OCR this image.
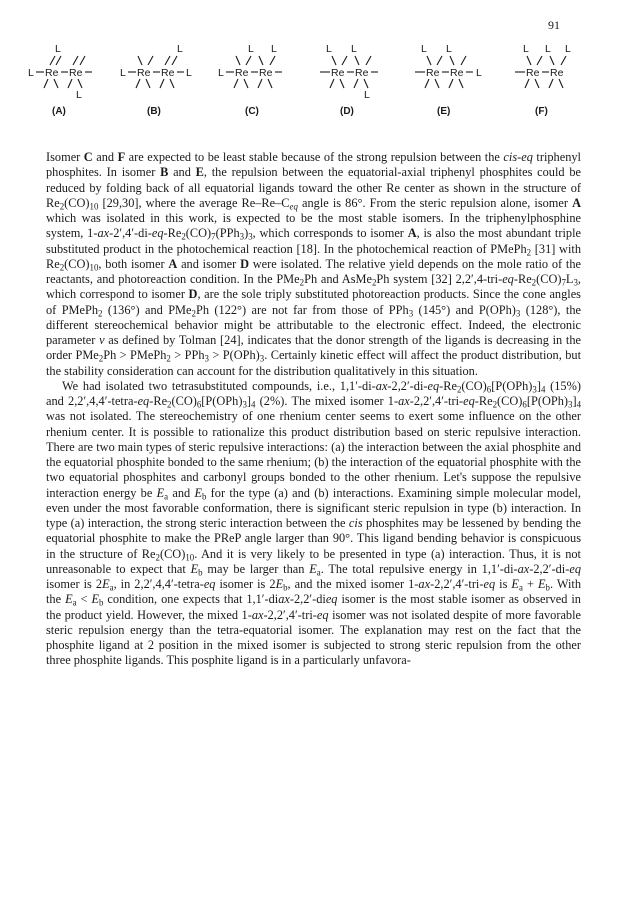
91
L Re Re
L
L
(A)
L Re Re L
L
(B)
L Re Re
L L
(C)
Re Re
L L
L
(D)
Re Re L
L L
(E)
Re Re
L L L
(F)

Isomer C and F are expected to be least stable because of the strong repulsion between the cis-eq triphenyl phosphites. In isomer B and E, the repulsion between the equatorial-axial triphenyl phosphites could be reduced by folding back of all equatorial ligands toward the other Re center as shown in the structure of $Re_2(CO)_{10}$ [29,30], where the average $Re-Re-C_{eq}$ angle is 86°. From the steric repulsion alone, isomer A which was isolated in this work, is expected to be the most stable isomers. In the triphenylphosphine system, $1-ax-2',4'-di-eq-Re_2(CO)_7(PPh_3)_3$, which corresponds to isomer A, is also the most abundant triple substituted product in the photochemical reaction [18]. In the photochemical reaction of PMePh$_2$ [31] with $Re_2(CO)_{10}$, both isomer A and isomer D were isolated. The relative yield depends on the mole ratio of the reactants, and photoreaction condition. In the PMe$_2$Ph and AsMe$_2$Ph system [32] $2,2',4-tri-eq-Re_2(CO)_7L_3$, which correspond to isomer D, are the sole triply substituted photoreaction products. Since the cone angles of PMePh$_2$ (136°) and PMe$_2$Ph (122°) are not far from those of PPh$_3$ (145°) and $P(OPh)_3$ (128°), the different stereochemical behavior might be attributable to the electronic effect. Indeed, the electronic parameter ν as defined by Tolman [24], indicates that the donor strength of the ligands is decreasing in the order PMe$_2$Ph > PMePh$_2$ > $PPh_3 > P(OPh)_3$. Certainly kinetic effect will affect the product distribution, but the stability consideration can account for the distribution qualitatively in this situation.

We had isolated two tetrasubstituted compounds, i.e., $1,1'-di-ax-2,2'-di-eq-Re_2(CO)_6[P(OPh)_3]_4$ (15%) and $2,2',4,4'-tetra-eq-Re_2(CO)_6[P(OPh)_3]_4$ (2%). The mixed isomer $1-ax-2,2',4'-tri-eq-Re_2(CO)_6[P(OPh)_3]_4$ was not isolated. The stereochemistry of one rhenium center seems to exert some influence on the other rhenium center. It is possible to rationalize this product distribution based on steric repulsive interaction. There are two main types of steric repulsive interactions: (a) the interaction between the axial phosphite and the equatorial phosphite bonded to the same rhenium; (b) the interaction of the equatorial phosphite with the two equatorial phosphites and carbonyl groups bonded to the other rhenium. Let's suppose the repulsive interaction energy be $E_a$ and $E_b$ for the type (a) and (b) interactions. Examining simple molecular model, even under the most favorable conformation, there is significant steric repulsion in type (b) interaction. In type (a) interaction, the strong steric interaction between the cis phosphites may be lessened by bending the equatorial phosphite to make the PReP angle larger than 90°. This ligand bending behavior is conspicuous in the structure of $Re_2(CO)_{10}$. And it is very likely to be presented in type (a) interaction. Thus, it is not unreasonable to expect that $E_b$ may be larger than $E_a$. The total repulsive energy in 1,1′-di-ax-2,2′-di-eq isomer is $2E_a$, in 2,2′,4,4′-tetra-eq isomer is $2E_b$, and the mixed isomer 1-ax-2,2′,4′-tri-eq is $E_a + E_b$. With the $E_a < E_b$ condition, one expects that 1,1′-diax-2,2′-dieq isomer is the most stable isomer as observed in the product yield. However, the mixed 1-ax-2,2′,4′-tri-eq isomer was not isolated despite of more favorable steric repulsion energy than the tetra-equatorial isomer. The explanation may rest on the fact that the phosphite ligand at 2 position in the mixed isomer is subjected to strong steric repulsion from the other three phosphite ligands. This posphite ligand is in a particularly unfavora-
